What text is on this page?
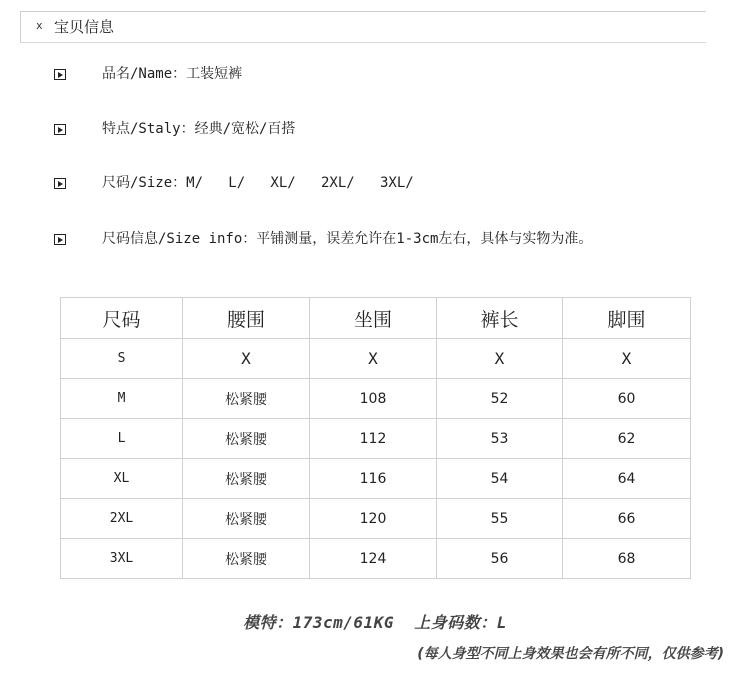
x 宝贝信息
品名/Name：工装短裤
特点/Staly：经典/宽松/百搭
尺码/Size：M/   L/   XL/   2XL/   3XL/
尺码信息/Size info：平铺测量，误差允许在1-3cm左右，具体与实物为准。
尺码	腰围	坐围	裤长	脚围
S	X	X	X	X
M	松紧腰	108	52	60
L	松紧腰	112	53	62
XL	松紧腰	116	54	64
2XL	松紧腰	120	55	66
3XL	松紧腰	124	56	68
模特：173cm/61KG  上身码数：L
(每人身型不同上身效果也会有所不同，仅供参考)
